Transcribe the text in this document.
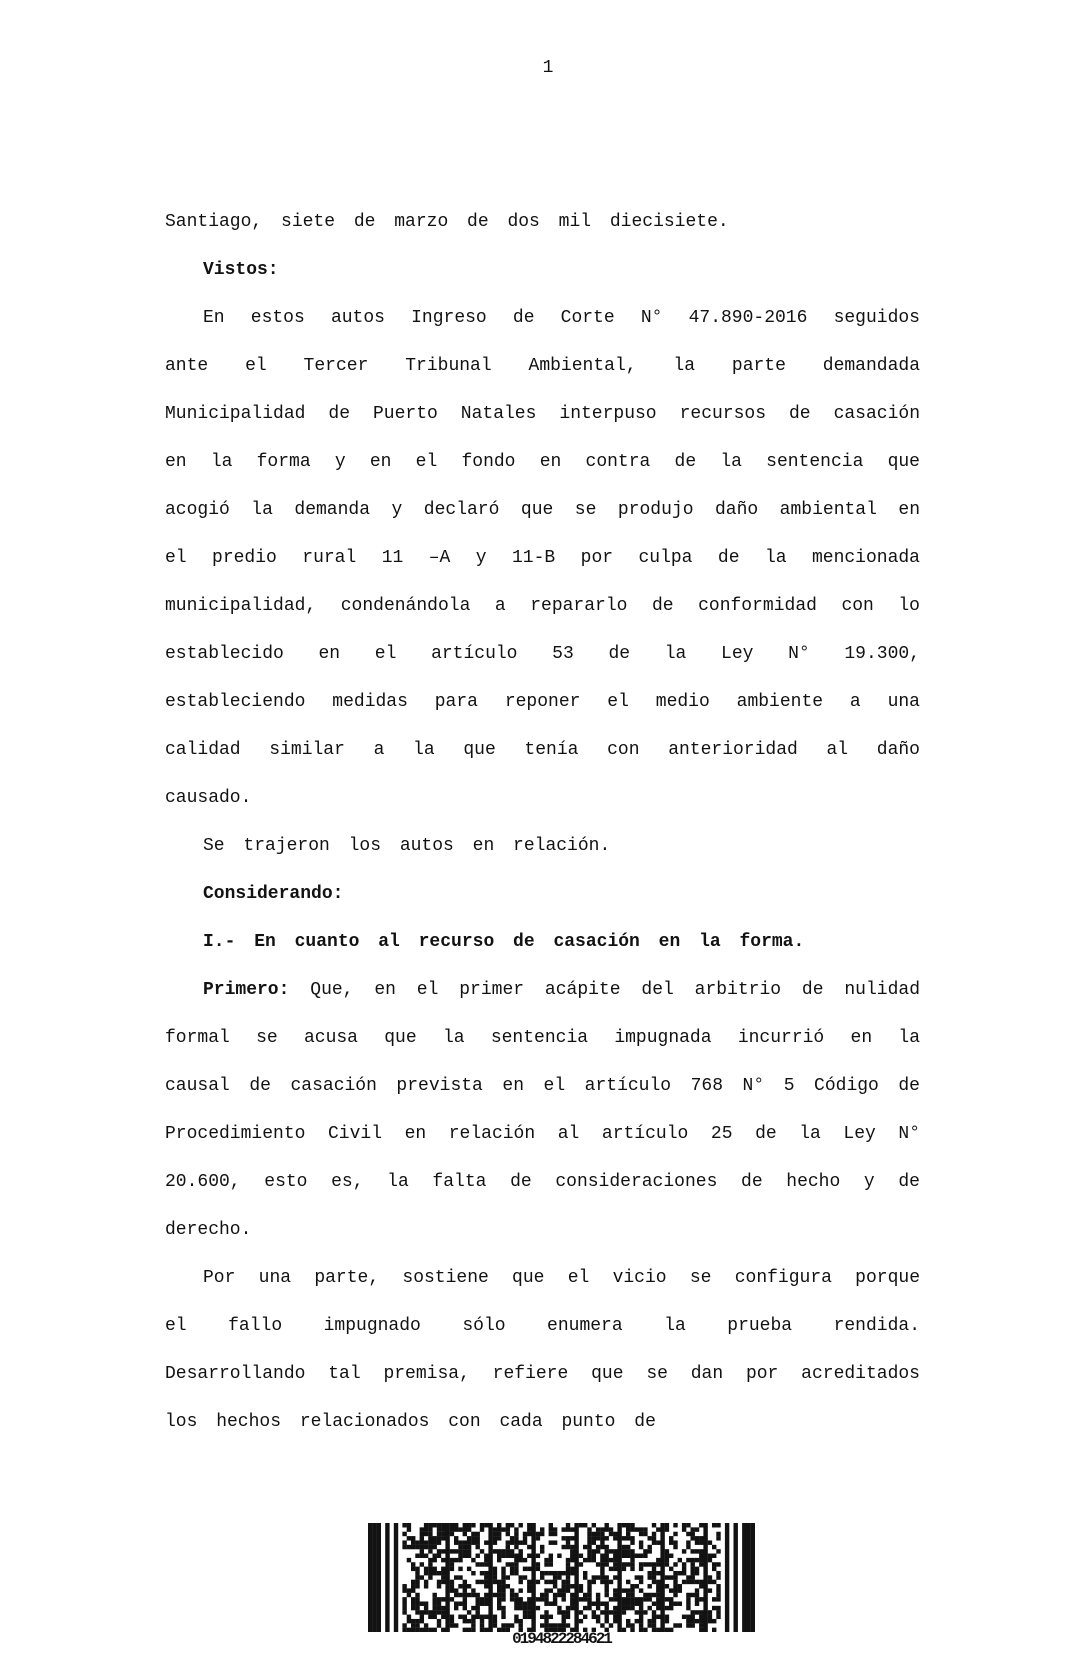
1

Santiago, siete de marzo de dos mil diecisiete.

Vistos:

En estos autos Ingreso de Corte N° 47.890-2016 seguidos ante el Tercer Tribunal Ambiental, la parte demandada Municipalidad de Puerto Natales interpuso recursos de casación en la forma y en el fondo en contra de la sentencia que acogió la demanda y declaró que se produjo daño ambiental en el predio rural 11 –A y 11-B por culpa de la mencionada municipalidad, condenándola a repararlo de conformidad con lo establecido en el artículo 53 de la Ley N° 19.300, estableciendo medidas para reponer el medio ambiente a una calidad similar a la que tenía con anterioridad al daño causado.

Se trajeron los autos en relación.

Considerando:

I.- En cuanto al recurso de casación en la forma.

Primero: Que, en el primer acápite del arbitrio de nulidad formal se acusa que la sentencia impugnada incurrió en la causal de casación prevista en el artículo 768 N° 5 Código de Procedimiento Civil en relación al artículo 25 de la Ley N° 20.600, esto es, la falta de consideraciones de hecho y de derecho.

Por una parte, sostiene que el vicio se configura porque el fallo impugnado sólo enumera la prueba rendida. Desarrollando tal premisa, refiere que se dan por acreditados los hechos relacionados con cada punto de

0194822284621
